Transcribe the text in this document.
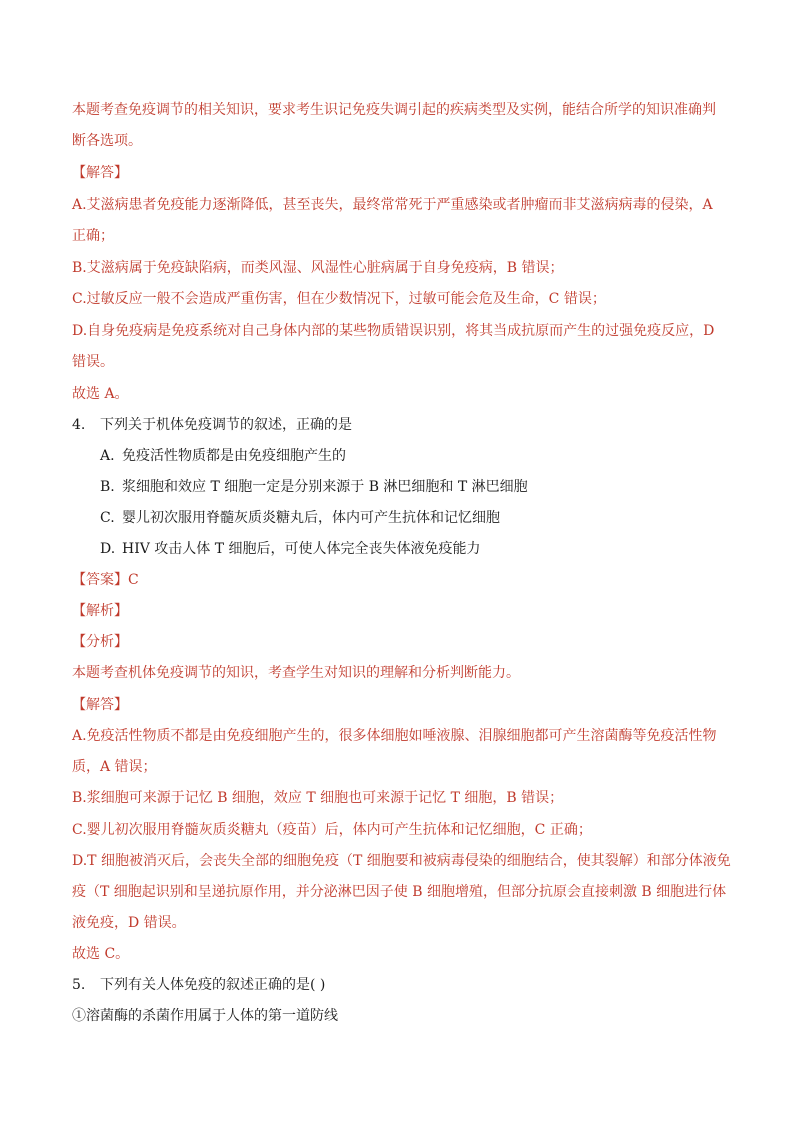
本题考查免疫调节的相关知识，要求考生识记免疫失调引起的疾病类型及实例，能结合所学的知识准确判
断各选项。
【解答】
A.艾滋病患者免疫能力逐渐降低，甚至丧失，最终常常死于严重感染或者肿瘤而非艾滋病病毒的侵染，A
正确；
B.艾滋病属于免疫缺陷病，而类风湿、风湿性心脏病属于自身免疫病，B 错误；
C.过敏反应一般不会造成严重伤害，但在少数情况下，过敏可能会危及生命，C 错误；
D.自身免疫病是免疫系统对自己身体内部的某些物质错误识别，将其当成抗原而产生的过强免疫反应，D
错误。
故选 A。
4. 下列关于机体免疫调节的叙述，正确的是
A. 免疫活性物质都是由免疫细胞产生的
B. 浆细胞和效应 T 细胞一定是分别来源于 B 淋巴细胞和 T 淋巴细胞
C. 婴儿初次服用脊髓灰质炎糖丸后，体内可产生抗体和记忆细胞
D. HIV 攻击人体 T 细胞后，可使人体完全丧失体液免疫能力
【答案】C
【解析】
【分析】
本题考查机体免疫调节的知识，考查学生对知识的理解和分析判断能力。
【解答】
A.免疫活性物质不都是由免疫细胞产生的，很多体细胞如唾液腺、泪腺细胞都可产生溶菌酶等免疫活性物
质，A 错误；
B.浆细胞可来源于记忆 B 细胞，效应 T 细胞也可来源于记忆 T 细胞，B 错误；
C.婴儿初次服用脊髓灰质炎糖丸（疫苗）后，体内可产生抗体和记忆细胞，C 正确；
D.T 细胞被消灭后，会丧失全部的细胞免疫（T 细胞要和被病毒侵染的细胞结合，使其裂解）和部分体液免
疫（T 细胞起识别和呈递抗原作用，并分泌淋巴因子使 B 细胞增殖，但部分抗原会直接刺激 B 细胞进行体
液免疫，D 错误。
故选 C。
5. 下列有关人体免疫的叙述正确的是( )
①溶菌酶的杀菌作用属于人体的第一道防线
